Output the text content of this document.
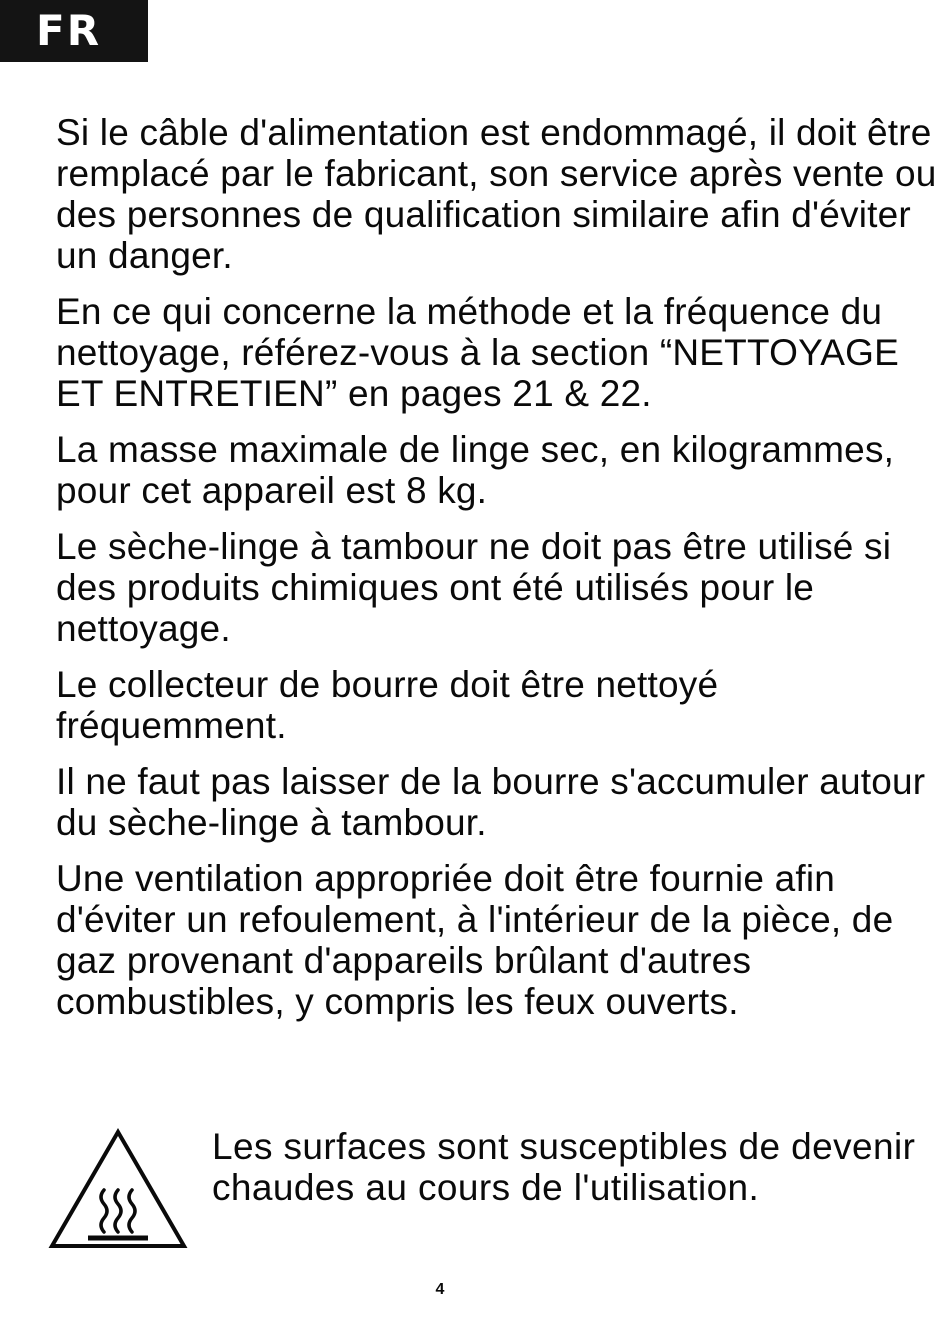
FR

Si le câble d'alimentation est endommagé, il doit être remplacé par le fabricant, son service après vente ou des personnes de qualification similaire afin d'éviter un danger.

En ce qui concerne la méthode et la fréquence du nettoyage, référez-vous à la section “NETTOYAGE ET ENTRETIEN” en pages 21 & 22.

La masse maximale de linge sec, en kilogrammes, pour cet appareil est 8 kg.

Le sèche-linge à tambour ne doit pas être utilisé si des produits chimiques ont été utilisés pour le nettoyage.

Le collecteur de bourre doit être nettoyé fréquemment.

Il ne faut pas laisser de la bourre s'accumuler autour du sèche-linge à tambour.

Une ventilation appropriée doit être fournie afin d'éviter un refoulement, à l'intérieur de la pièce, de gaz provenant d'appareils brûlant d'autres combustibles, y compris les feux ouverts.

Les surfaces sont susceptibles de devenir chaudes au cours de l'utilisation.

4
